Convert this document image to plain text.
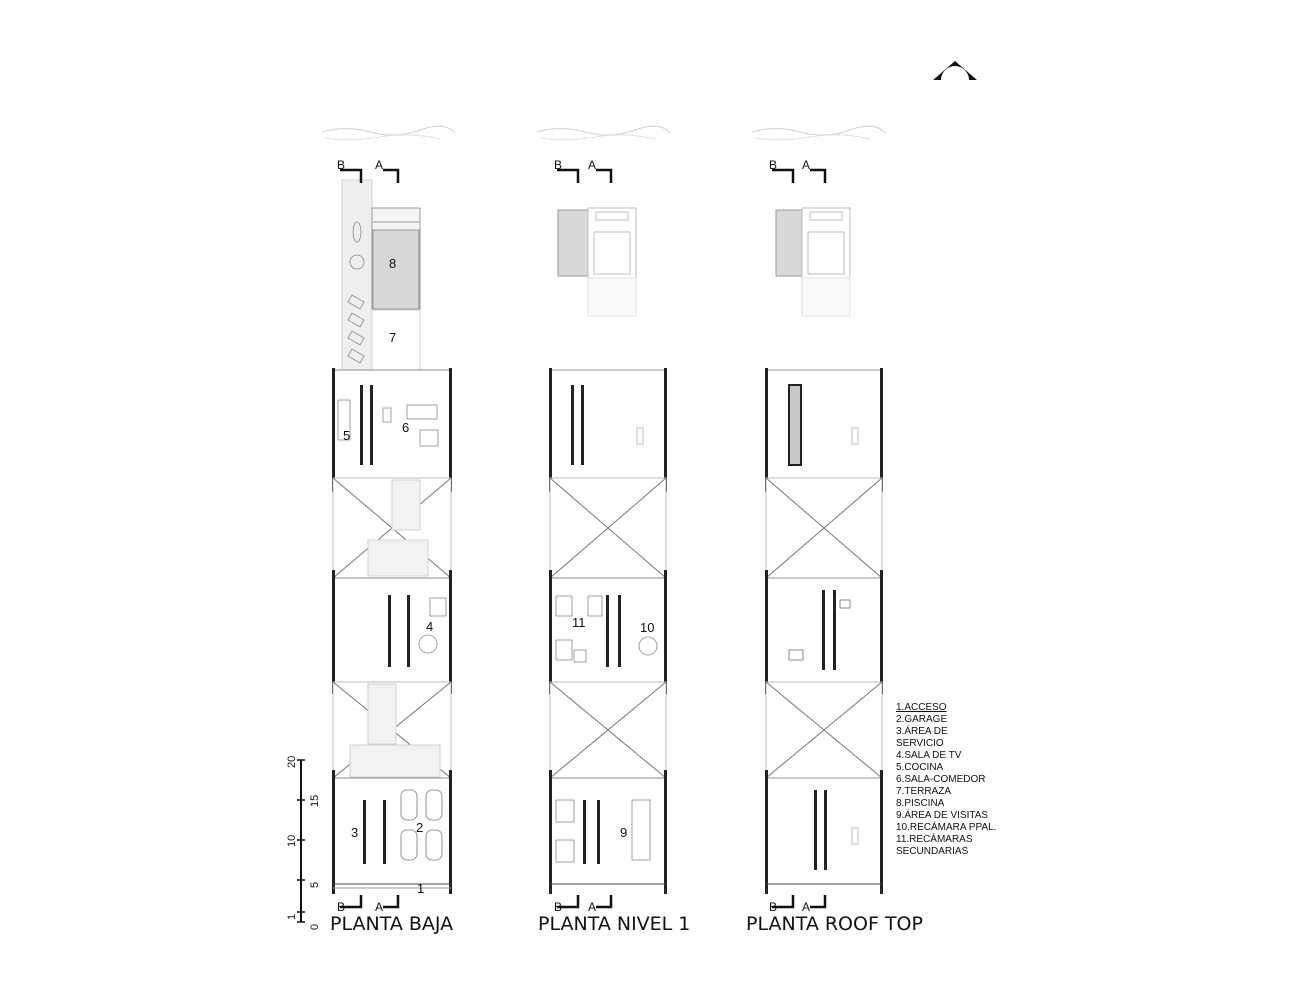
B A
B A
8
7
5
6
4
3	2
1
PLANTA BAJA
B A
B A
11	10
9
PLANTA NIVEL 1
B A
B A
PLANTA ROOF TOP
0
1
5
10
15
20
1.ACCESO
2.GARAGE
3.ÁREA DE
SERVICIO
4.SALA DE TV
5.COCINA
6.SALA-COMEDOR
7.TERRAZA
8.PISCINA
9.ÁREA DE VISITAS
10.RECÁMARA PPAL.
11.RECÁMARAS
SECUNDARIAS
